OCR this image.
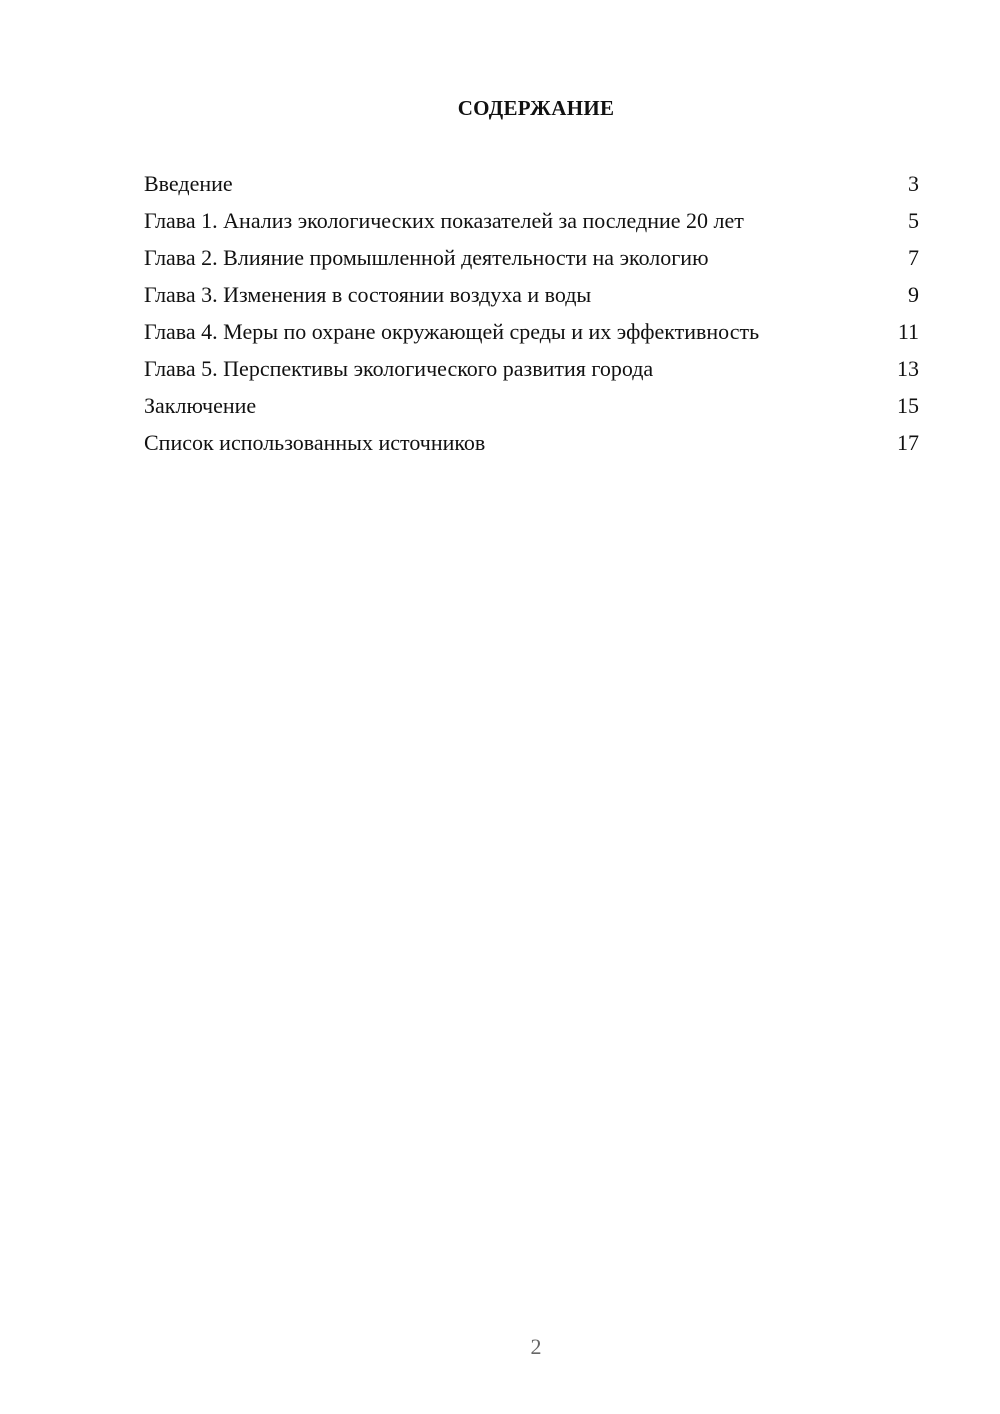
СОДЕРЖАНИЕ
Введение	3
Глава 1. Анализ экологических показателей за последние 20 лет	5
Глава 2. Влияние промышленной деятельности на экологию	7
Глава 3. Изменения в состоянии воздуха и воды	9
Глава 4. Меры по охране окружающей среды и их эффективность	11
Глава 5. Перспективы экологического развития города	13
Заключение	15
Список использованных источников	17
2
